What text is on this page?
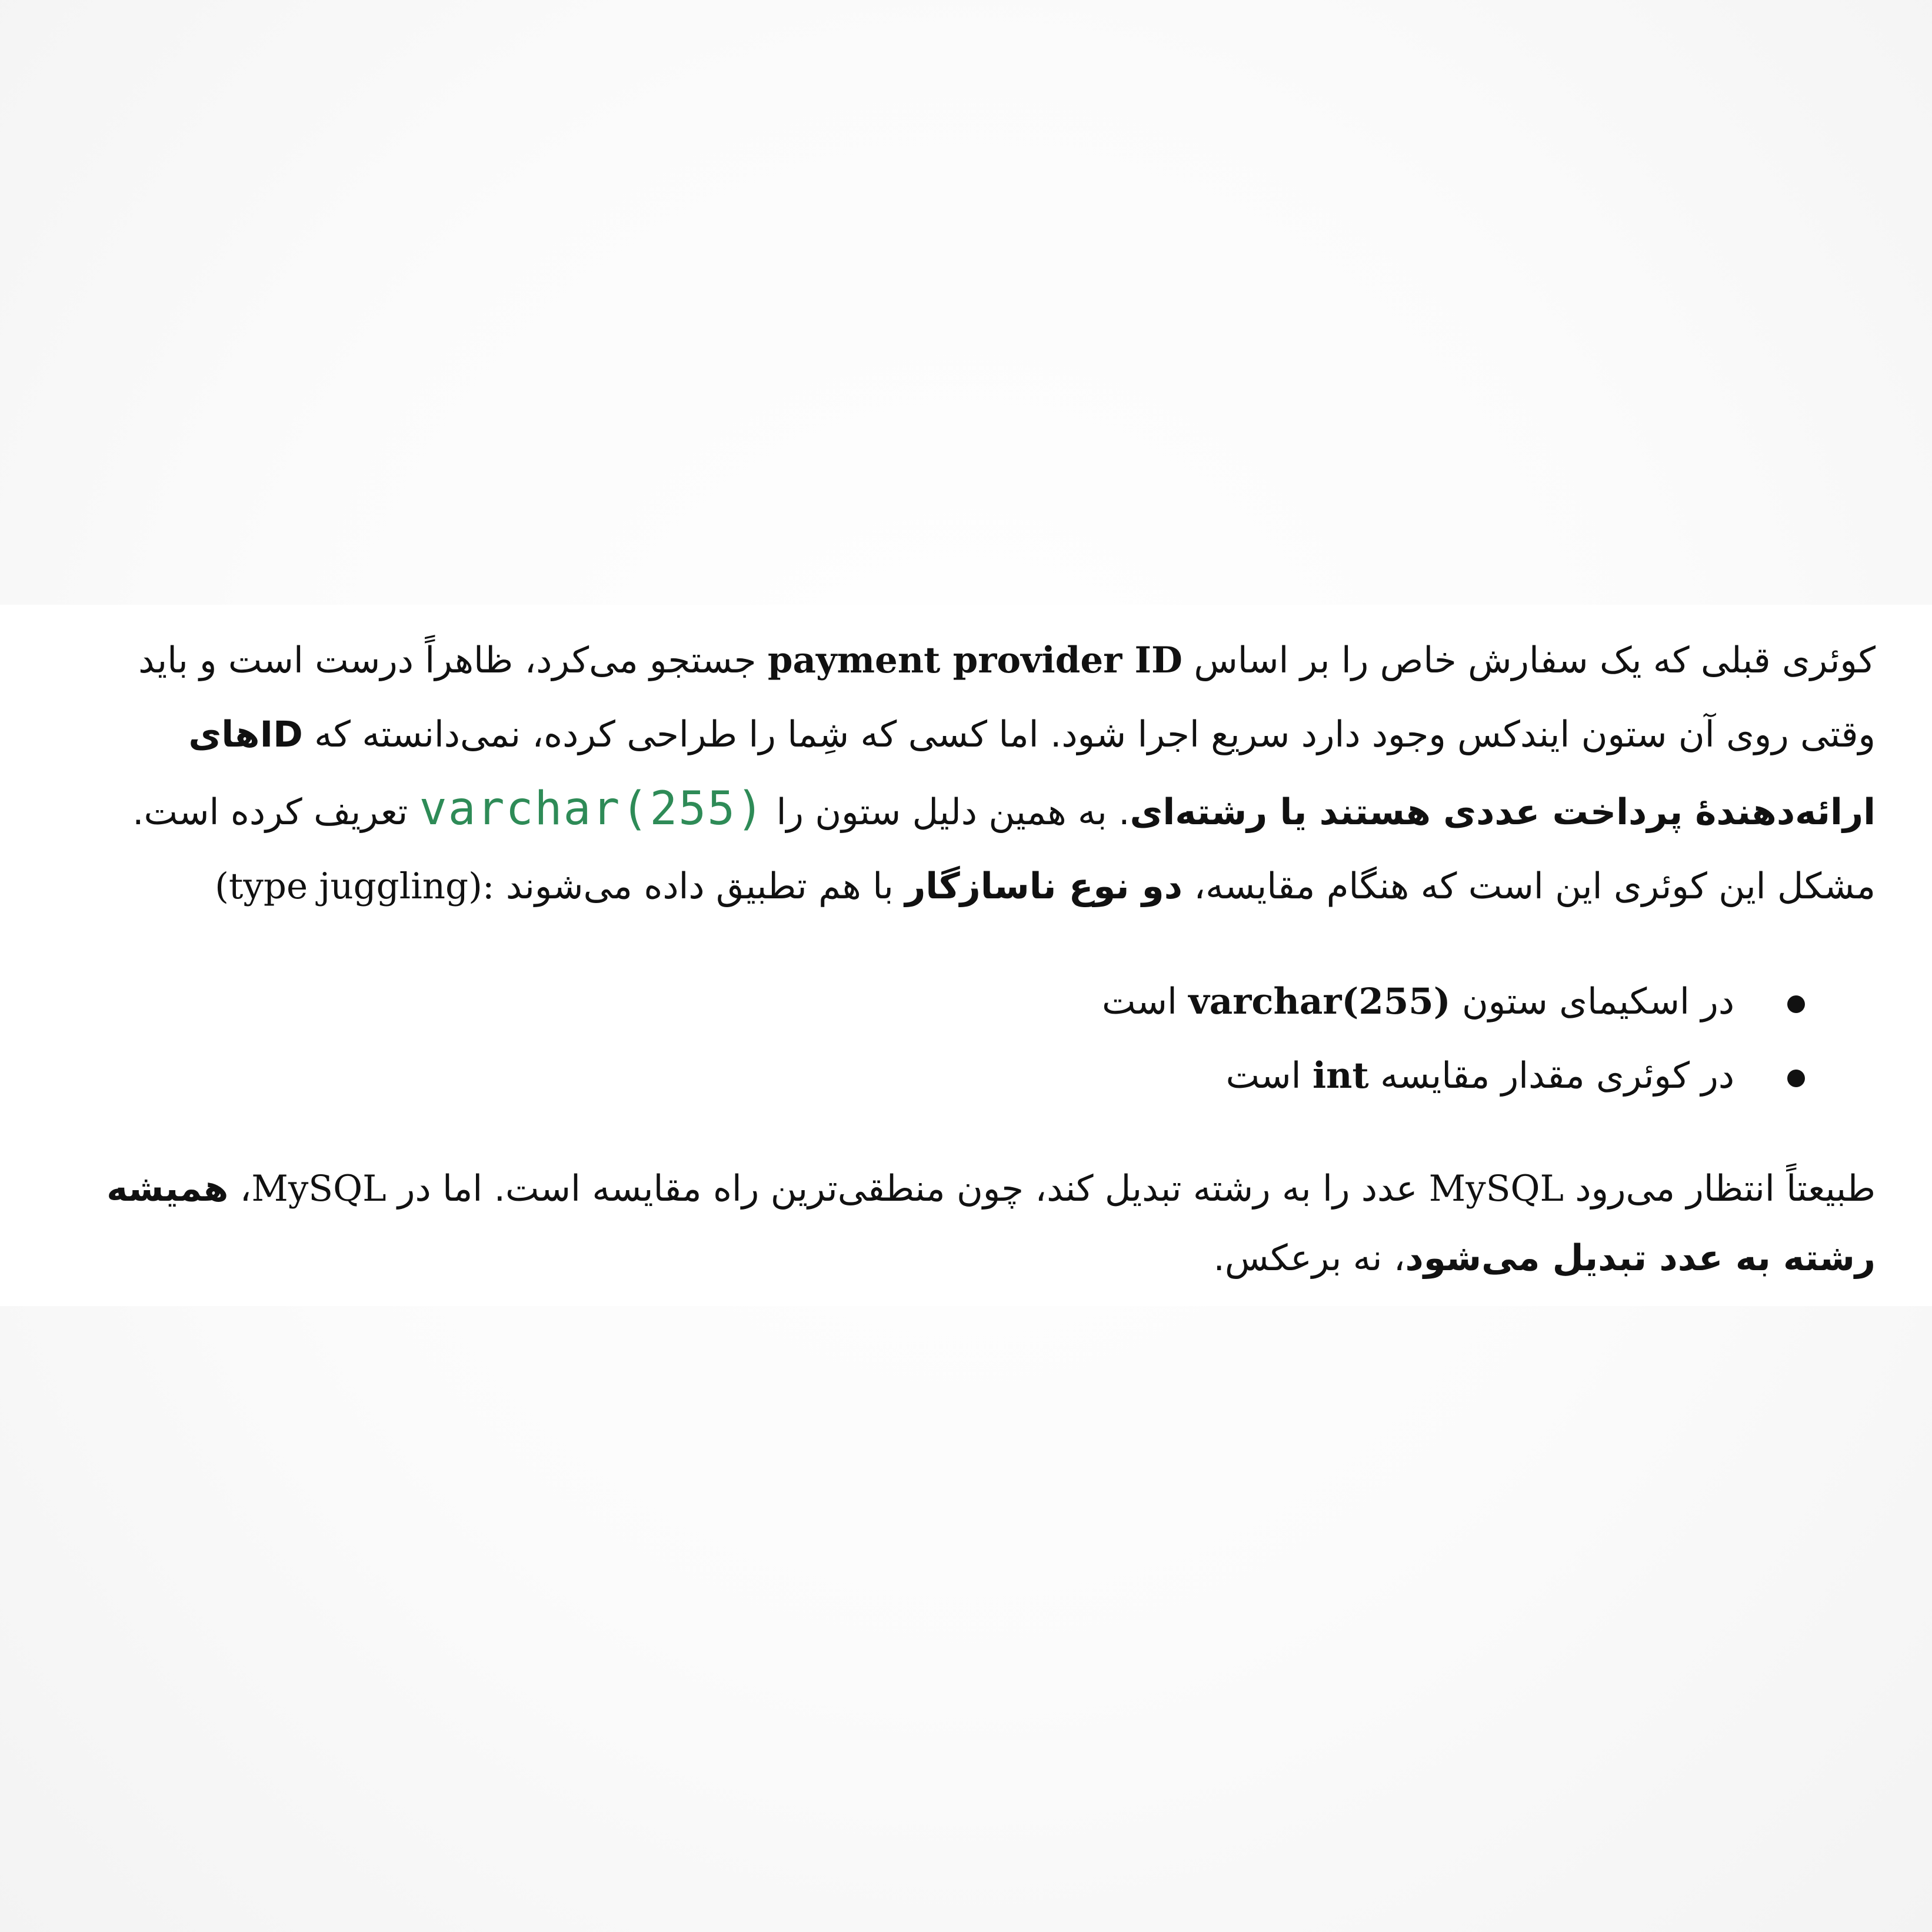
کوئری قبلی که یک سفارش خاص را بر اساس payment provider ID جستجو می‌کرد، ظاهراً درست است و باید وقتی روی آن ستون ایندکس وجود دارد سریع اجرا شود. اما کسی که شِما را طراحی کرده، نمی‌دانسته که IDهای ارائه‌دهندهٔ پرداخت عددی هستند یا رشته‌ای. به همین دلیل ستون را varchar(255) تعریف کرده است. مشکل این کوئری این است که هنگام مقایسه، دو نوع ناسازگار با هم تطبیق داده می‌شوند (type juggling):

در اسکیمای ستون varchar(255) است
در کوئری مقدار مقایسه int است

طبیعتاً انتظار می‌رود MySQL عدد را به رشته تبدیل کند، چون منطقی‌ترین راه مقایسه است. اما در MySQL، همیشه رشته به عدد تبدیل می‌شود، نه برعکس.
